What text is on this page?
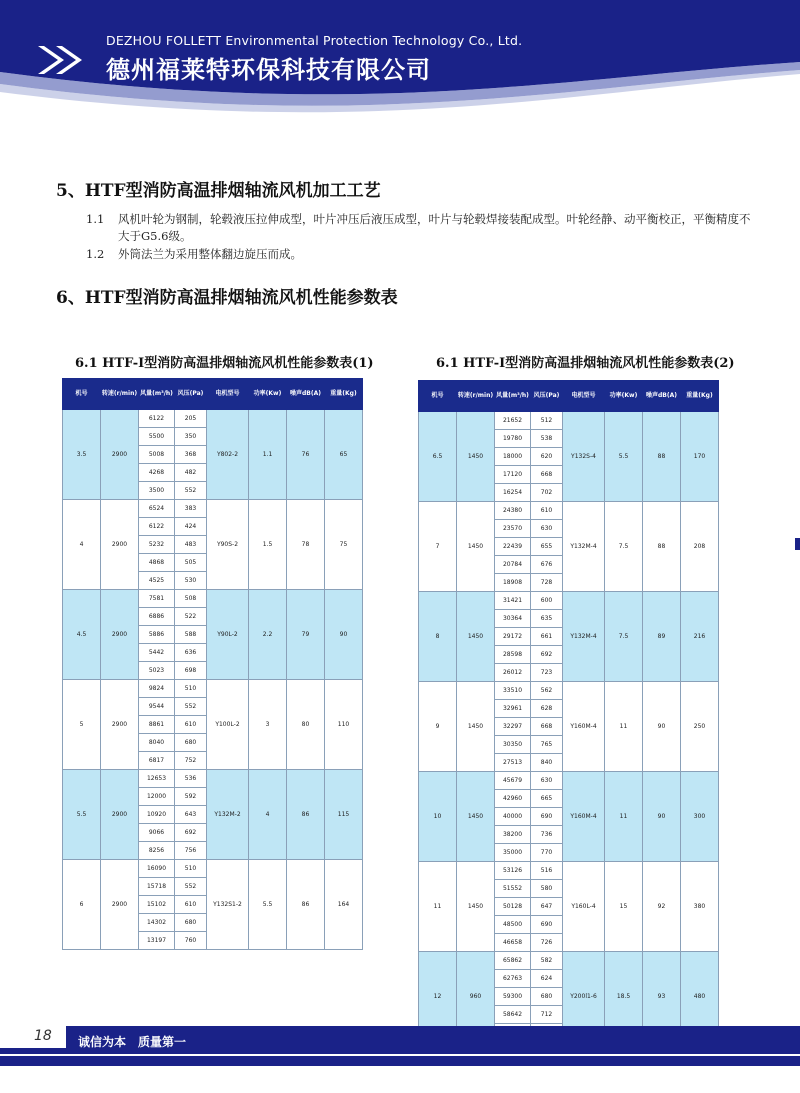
DEZHOU FOLLETT Environmental Protection Technology Co., Ltd.
德州福莱特环保科技有限公司
5、HTF型消防高温排烟轴流风机加工工艺
1.1 风机叶轮为钢制，轮毂液压拉伸成型，叶片冲压后液压成型，叶片与轮毂焊接装配成型。叶轮经静、动平衡校正，平衡精度不大于G5.6级。
1.2 外筒法兰为采用整体翻边旋压而成。
6、HTF型消防高温排烟轴流风机性能参数表
6.1 HTF-Ⅰ型消防高温排烟轴流风机性能参数表(1)
机号	转速(r/min)	风量(m³/h)	风压(Pa)	电机型号	功率(Kw)	噪声dB(A)	重量(Kg)
3.5	2900	6122	205	Y802-2	1.1	76	65
		5500	350				
		5008	368				
		4268	482				
		3500	552				
4	2900	6524	383	Y90S-2	1.5	78	75
		6122	424				
		5232	483				
		4868	505				
		4525	530				
4.5	2900	7581	508	Y90L-2	2.2	79	90
		6886	522				
		5886	588				
		5442	636				
		5023	698				
5	2900	9824	510	Y100L-2	3	80	110
		9544	552				
		8861	610				
		8040	680				
		6817	752				
5.5	2900	12653	536	Y132M-2	4	86	115
		12000	592				
		10920	643				
		9066	692				
		8256	756				
6	2900	16090	510	Y132S1-2	5.5	86	164
		15718	552				
		15102	610				
		14302	680				
		13197	760				
6.1 HTF-Ⅰ型消防高温排烟轴流风机性能参数表(2)
机号	转速(r/min)	风量(m³/h)	风压(Pa)	电机型号	功率(Kw)	噪声dB(A)	重量(Kg)
6.5	1450	21652	512	Y132S-4	5.5	88	170
		19780	538				
		18000	620				
		17120	668				
		16254	702				
7	1450	24380	610	Y132M-4	7.5	88	208
		23570	630				
		22439	655				
		20784	676				
		18908	728				
8	1450	31421	600	Y132M-4	7.5	89	216
		30364	635				
		29172	661				
		28598	692				
		26012	723				
9	1450	33510	562	Y160M-4	11	90	250
		32961	628				
		32297	668				
		30350	765				
		27513	840				
10	1450	45679	630	Y160M-4	11	90	300
		42960	665				
		40000	690				
		38200	736				
		35000	770				
11	1450	53126	516	Y160L-4	15	92	380
		51552	580				
		50128	647				
		48500	690				
		46658	726				
12	960	65862	582	Y200l1-6	18.5	93	480
		62763	624				
		59300	680				
		58642	712				

18 诚信为本　质量第一
